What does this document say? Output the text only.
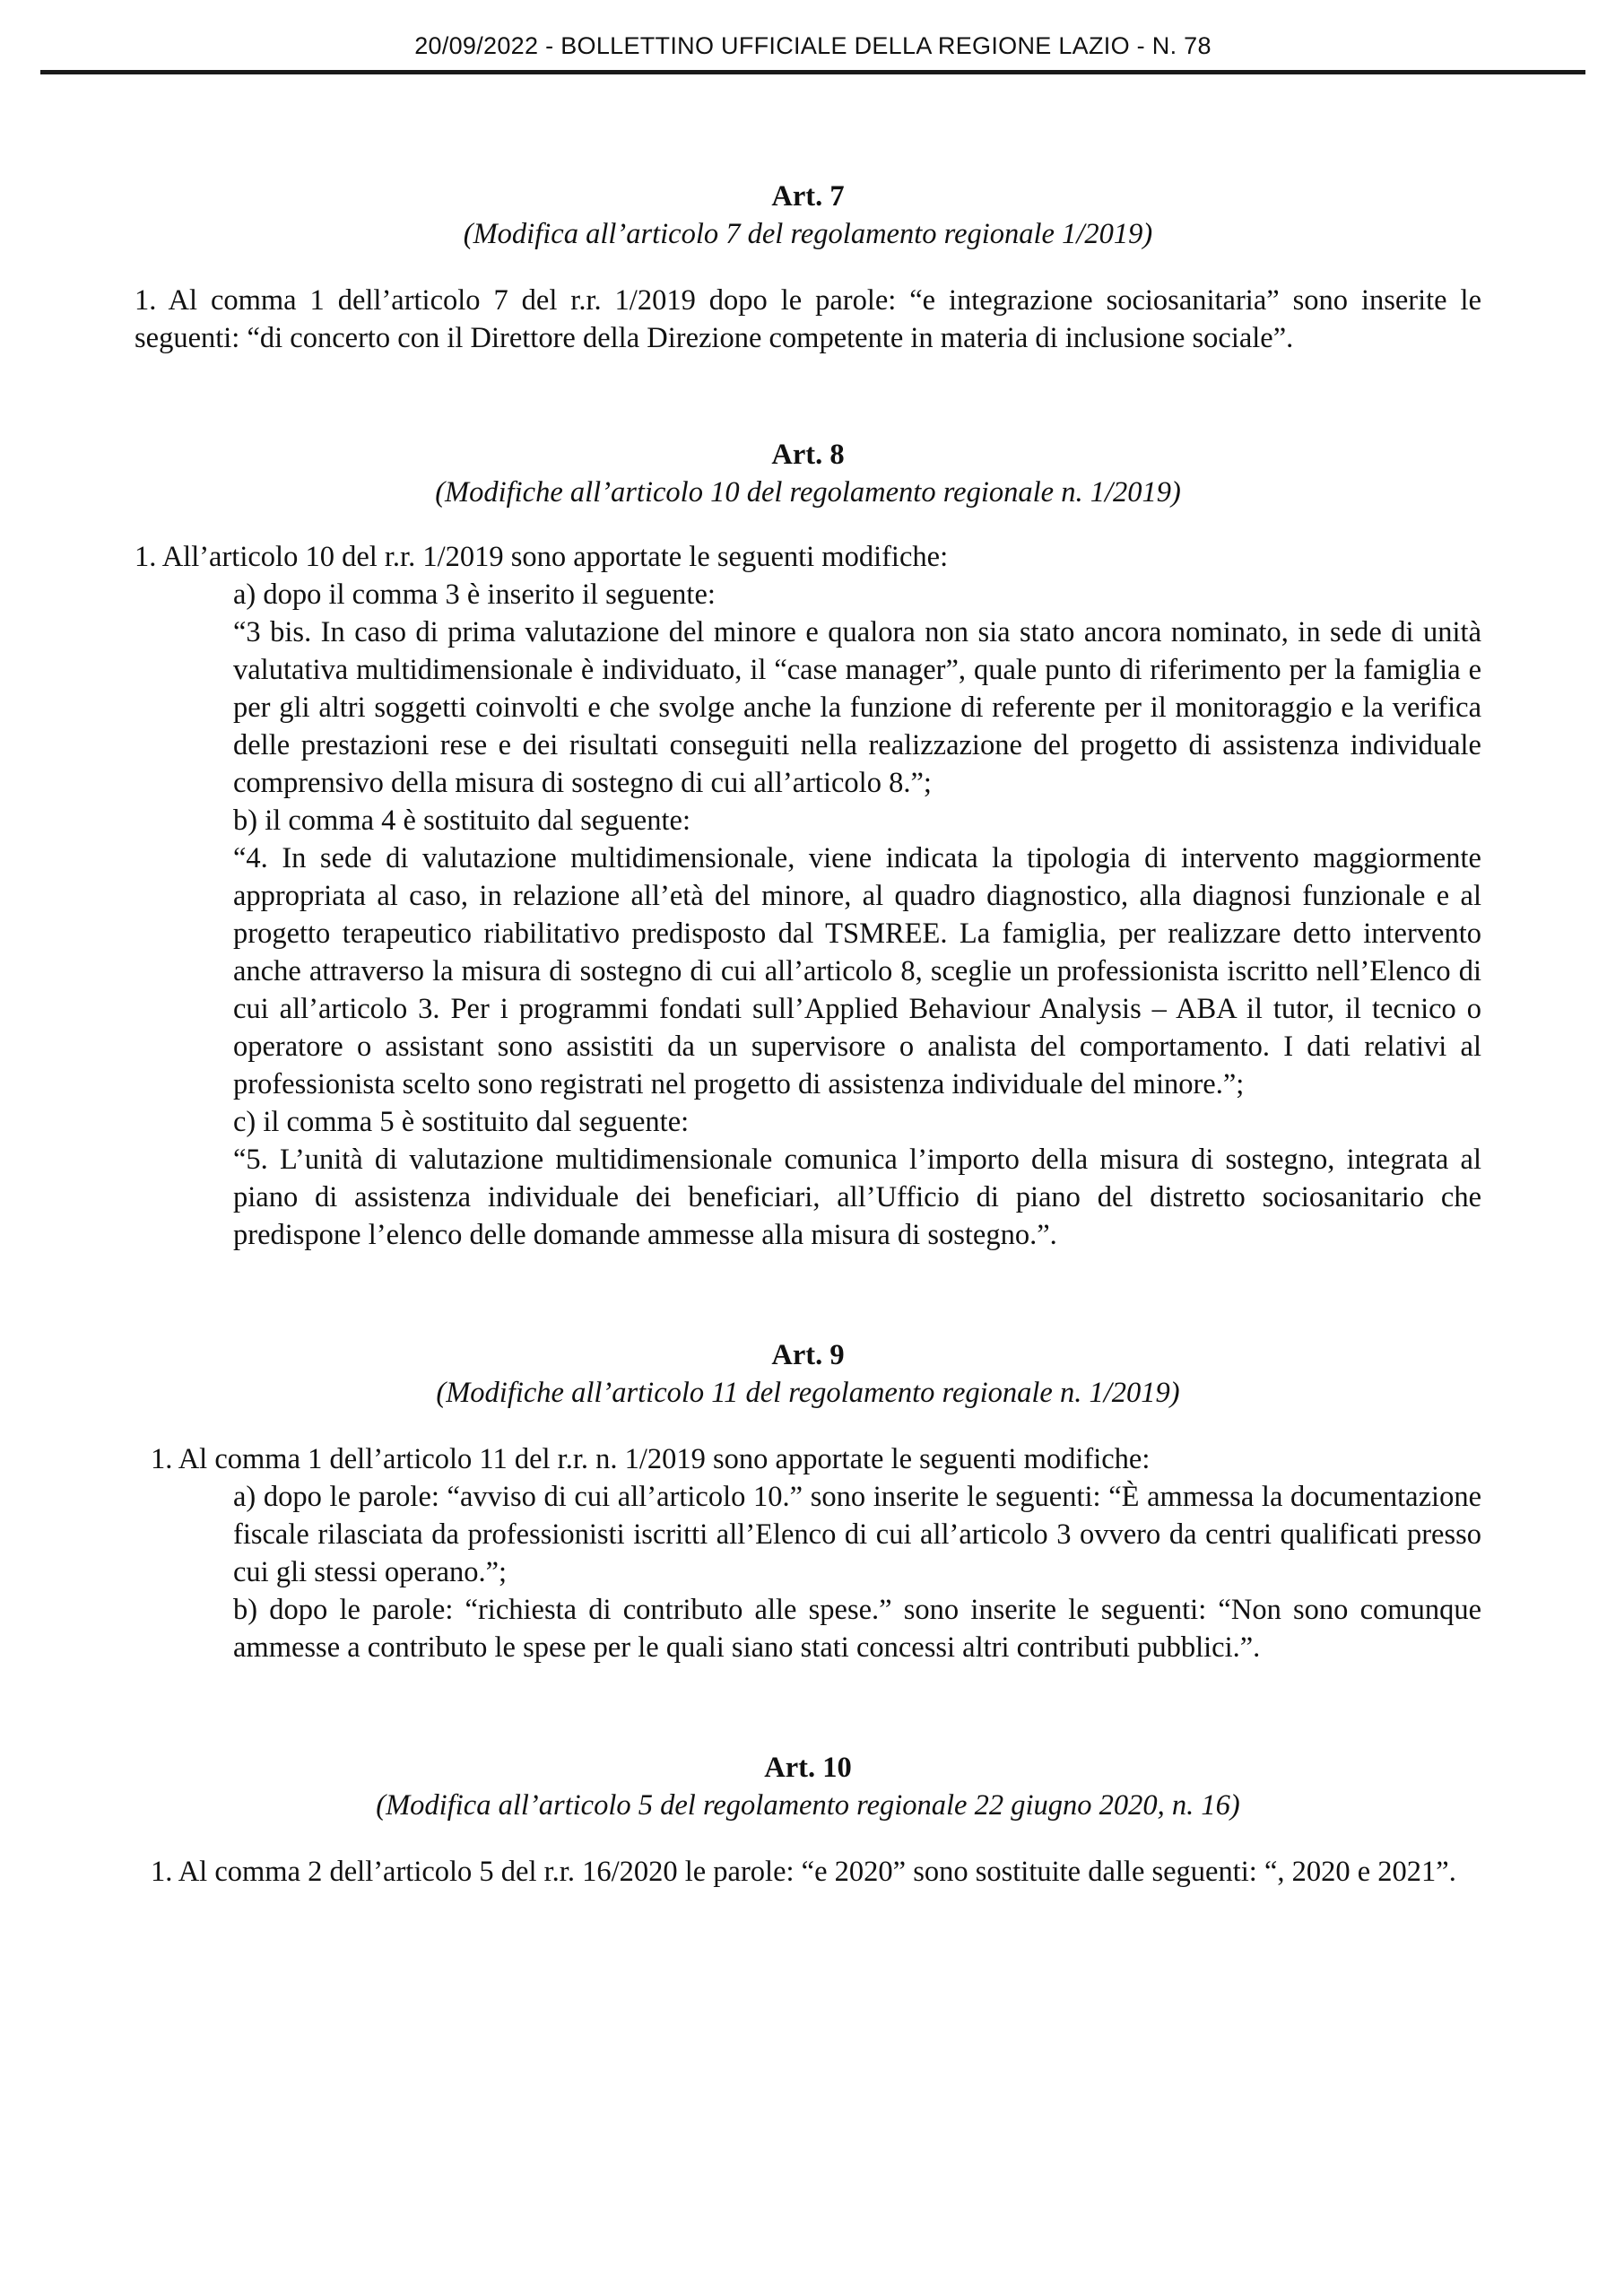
20/09/2022 - BOLLETTINO UFFICIALE DELLA REGIONE LAZIO - N. 78
Art. 7
(Modifica all’articolo 7 del regolamento regionale 1/2019)
1. Al comma 1 dell’articolo 7 del r.r. 1/2019 dopo le parole: “e integrazione sociosanitaria” sono inserite le seguenti: “di concerto con il Direttore della Direzione competente in materia di inclusione sociale”.
Art. 8
(Modifiche all’articolo 10 del regolamento regionale n. 1/2019)
1. All’articolo 10 del r.r. 1/2019 sono apportate le seguenti modifiche:
a) dopo il comma 3 è inserito il seguente:
“3 bis. In caso di prima valutazione del minore e qualora non sia stato ancora nominato, in sede di unità valutativa multidimensionale è individuato, il “case manager”, quale punto di riferimento per la famiglia e per gli altri soggetti coinvolti e che svolge anche la funzione di referente per il monitoraggio e la verifica delle prestazioni rese e dei risultati conseguiti nella realizzazione del progetto di assistenza individuale comprensivo della misura di sostegno di cui all’articolo 8.”;
b) il comma 4 è sostituito dal seguente:
“4. In sede di valutazione multidimensionale, viene indicata la tipologia di intervento maggiormente appropriata al caso, in relazione all’età del minore, al quadro diagnostico, alla diagnosi funzionale e al progetto terapeutico riabilitativo predisposto dal TSMREE. La famiglia, per realizzare detto intervento anche attraverso la misura di sostegno di cui all’articolo 8, sceglie un professionista iscritto nell’Elenco di cui all’articolo 3. Per i programmi fondati sull’Applied Behaviour Analysis – ABA il tutor, il tecnico o operatore o assistant sono assistiti da un supervisore o analista del comportamento. I dati relativi al professionista scelto sono registrati nel progetto di assistenza individuale del minore.”;
c) il comma 5 è sostituito dal seguente:
“5. L’unità di valutazione multidimensionale comunica l’importo della misura di sostegno, integrata al piano di assistenza individuale dei beneficiari, all’Ufficio di piano del distretto sociosanitario che predispone l’elenco delle domande ammesse alla misura di sostegno.”.
Art. 9
(Modifiche all’articolo 11 del regolamento regionale n. 1/2019)
1. Al comma 1 dell’articolo 11 del r.r. n. 1/2019 sono apportate le seguenti modifiche:
a) dopo le parole: “avviso di cui all’articolo 10.” sono inserite le seguenti: “È ammessa la documentazione fiscale rilasciata da professionisti iscritti all’Elenco di cui all’articolo 3 ovvero da centri qualificati presso cui gli stessi operano.”;
b) dopo le parole: “richiesta di contributo alle spese.” sono inserite le seguenti: “Non sono comunque ammesse a contributo le spese per le quali siano stati concessi altri contributi pubblici.”.
Art. 10
(Modifica all’articolo 5 del regolamento regionale 22 giugno 2020, n. 16)
1. Al comma 2 dell’articolo 5 del r.r. 16/2020 le parole: “e 2020” sono sostituite dalle seguenti: “, 2020 e 2021”.
